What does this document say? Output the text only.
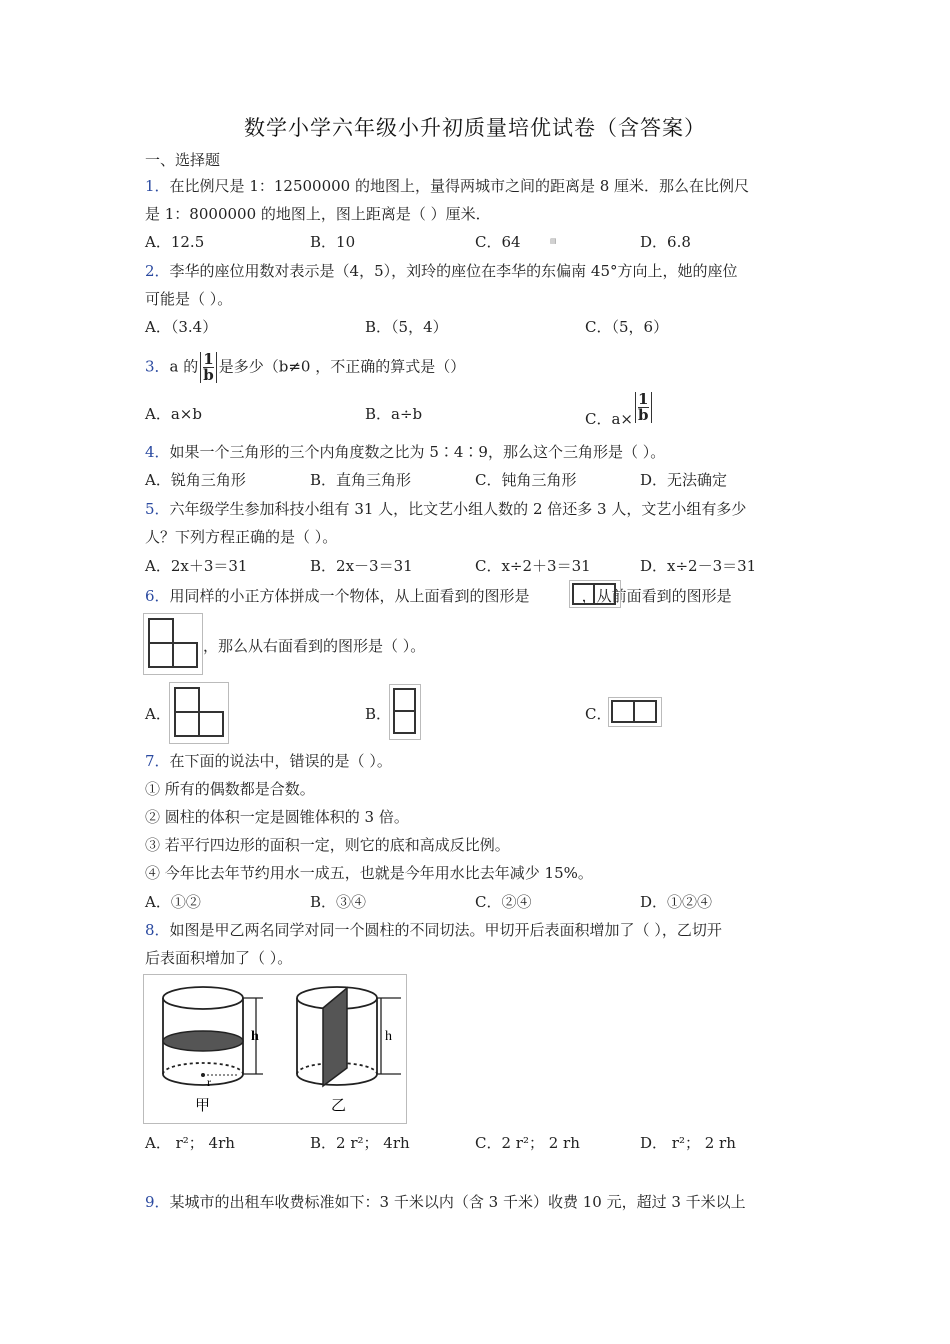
数学小学六年级小升初质量培优试卷（含答案）
一、选择题
1．在比例尺是 1：12500000 的地图上，量得两城市之间的距离是 8 厘米．那么在比例尺
是 1：8000000 的地图上，图上距离是（ ）厘米．
A．12.5	B．10	C．64	▤	D．6.8
2．李华的座位用数对表示是（4，5），刘玲的座位在李华的东偏南 45°方向上，她的座位
可能是（ ）。
A．（3.4）	B．（5，4）	C．（5，6）
3．a 的 $\frac{1}{b}$ 是多少（b≠0 ，不正确的算式是（）
A．a×b	B．a÷b	C．$a\times \frac{1}{b}$
4．如果一个三角形的三个内角度数之比为 5∶4∶9，那么这个三角形是（ ）。
A．锐角三角形	B．直角三角形	C．钝角三角形	D．无法确定
5．六年级学生参加科技小组有 31 人，比文艺小组人数的 2 倍还多 3 人，文艺小组有多少
人？下列方程正确的是（ ）。
A．2x＋3＝31	B．2x－3＝31	C．x÷2＋3＝31	D．x÷2－3＝31
6．用同样的小正方体拼成一个物体，从上面看到的图形是	，从前面看到的图形是
，那么从右面看到的图形是（ ）。
A．	B．	C．
7．在下面的说法中，错误的是（ ）。
① 所有的偶数都是合数。
② 圆柱的体积一定是圆锥体积的 3 倍。
③ 若平行四边形的面积一定，则它的底和高成反比例。
④ 今年比去年节约用水一成五，也就是今年用水比去年减少 15%。
A．①②	B．③④	C．②④	D．①②④
8．如图是甲乙两名同学对同一个圆柱的不同切法。甲切开后表面积增加了（ ），乙切开
后表面积增加了（ ）。
h
r
甲
h
乙
A． r²； 4rh	B．2 r²； 4rh	C．2 r²； 2 rh	D． r²； 2 rh
9．某城市的出租车收费标准如下：3 千米以内（含 3 千米）收费 10 元，超过 3 千米以上
